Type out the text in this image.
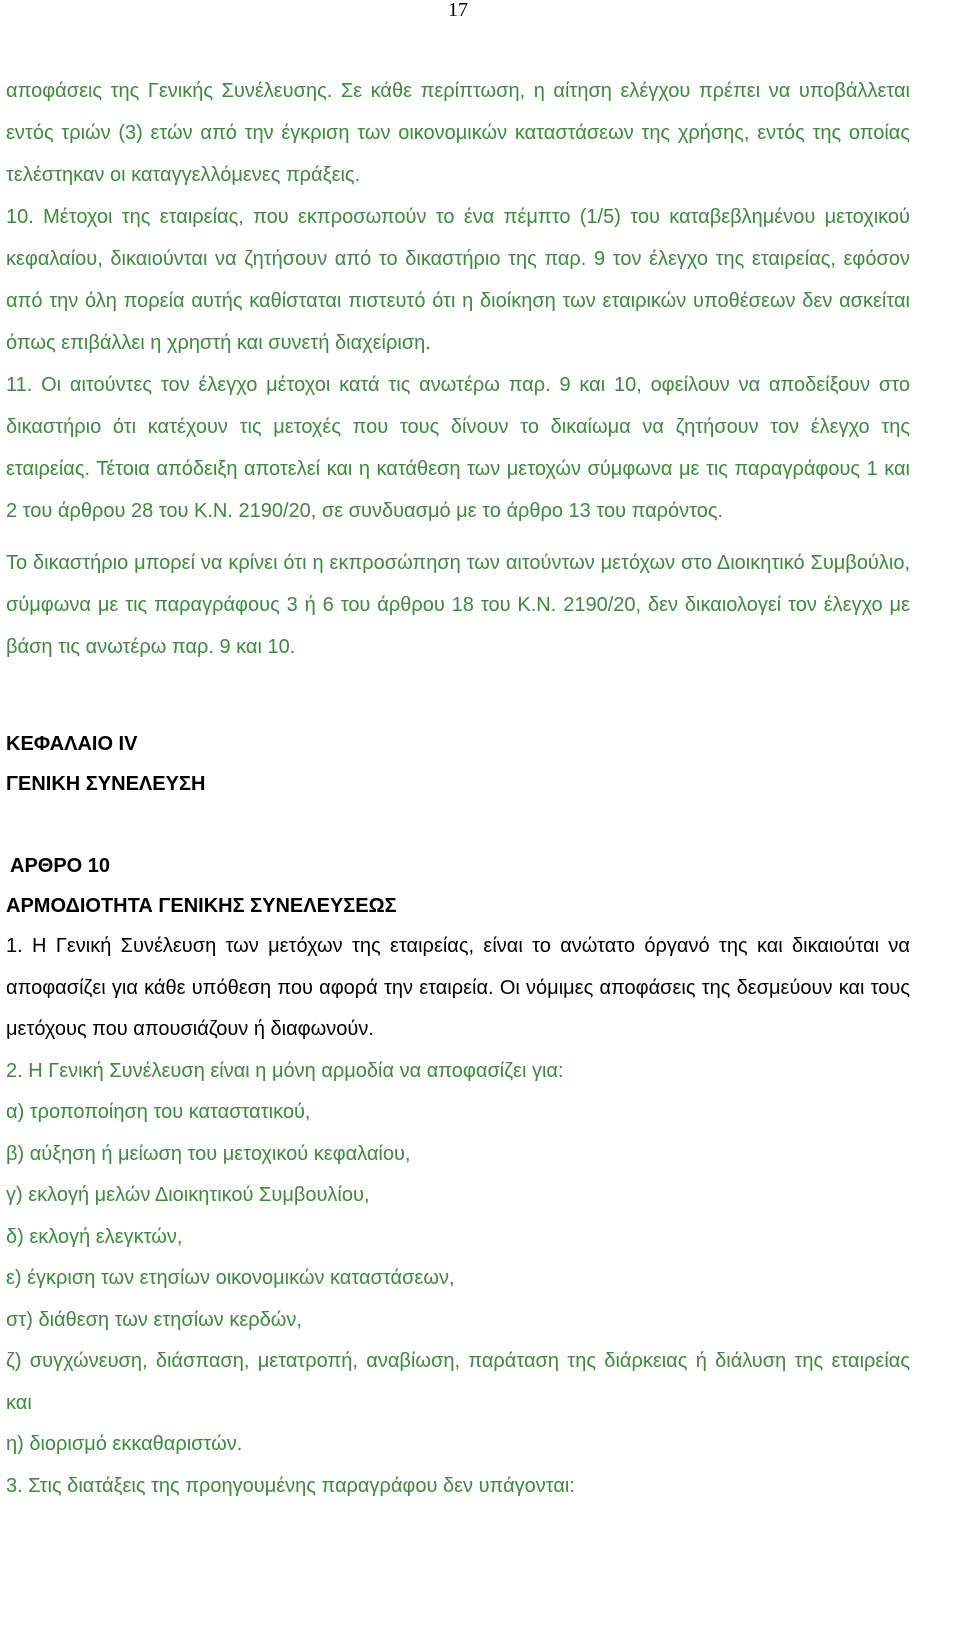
17

αποφάσεις της Γενικής Συνέλευσης. Σε κάθε περίπτωση, η αίτηση ελέγχου πρέπει να υποβάλλεται εντός τριών (3) ετών από την έγκριση των οικονομικών καταστάσεων της χρήσης, εντός της οποίας τελέστηκαν οι καταγγελλόμενες πράξεις.

10. Μέτοχοι της εταιρείας, που εκπροσωπούν το ένα πέμπτο (1/5) του καταβεβλημένου μετοχικού κεφαλαίου, δικαιούνται να ζητήσουν από το δικαστήριο της παρ. 9 τον έλεγχο της εταιρείας, εφόσον από την όλη πορεία αυτής καθίσταται πιστευτό ότι η διοίκηση των εταιρικών υποθέσεων δεν ασκείται όπως επιβάλλει η χρηστή και συνετή διαχείριση.

11. Οι αιτούντες τον έλεγχο μέτοχοι κατά τις ανωτέρω παρ. 9 και 10, οφείλουν να αποδείξουν στο δικαστήριο ότι κατέχουν τις μετοχές που τους δίνουν το δικαίωμα να ζητήσουν τον έλεγχο της εταιρείας. Τέτοια απόδειξη αποτελεί και η κατάθεση των μετοχών σύμφωνα με τις παραγράφους 1 και 2 του άρθρου 28 του Κ.Ν. 2190/20, σε συνδυασμό με το άρθρο 13 του παρόντος.

Το δικαστήριο μπορεί να κρίνει ότι η εκπροσώπηση των αιτούντων μετόχων στο Διοικητικό Συμβούλιο, σύμφωνα με τις παραγράφους 3 ή 6 του άρθρου 18 του Κ.Ν. 2190/20, δεν δικαιολογεί τον έλεγχο με βάση τις ανωτέρω παρ. 9 και 10.

ΚΕΦΑΛΑΙΟ IV

ΓΕΝΙΚΗ ΣΥΝΕΛΕΥΣΗ

ΑΡΘΡΟ 10

ΑΡΜΟΔΙΟΤΗΤΑ ΓΕΝΙΚΗΣ ΣΥΝΕΛΕΥΣΕΩΣ

1. Η Γενική Συνέλευση των μετόχων της εταιρείας, είναι το ανώτατο όργανό της και δικαιούται να αποφασίζει για κάθε υπόθεση που αφορά την εταιρεία. Οι νόμιμες αποφάσεις της δεσμεύουν και τους μετόχους που απουσιάζουν ή διαφωνούν.

2. Η Γενική Συνέλευση είναι η μόνη αρμοδία να αποφασίζει για:

α) τροποποίηση του καταστατικού,

β) αύξηση ή μείωση του μετοχικού κεφαλαίου,

γ) εκλογή μελών Διοικητικού Συμβουλίου,

δ) εκλογή ελεγκτών,

ε) έγκριση των ετησίων οικονομικών καταστάσεων,

στ) διάθεση των ετησίων κερδών,

ζ) συγχώνευση, διάσπαση, μετατροπή, αναβίωση, παράταση της διάρκειας ή διάλυση της εταιρείας και

η) διορισμό εκκαθαριστών.

3. Στις διατάξεις της προηγουμένης παραγράφου δεν υπάγονται:
